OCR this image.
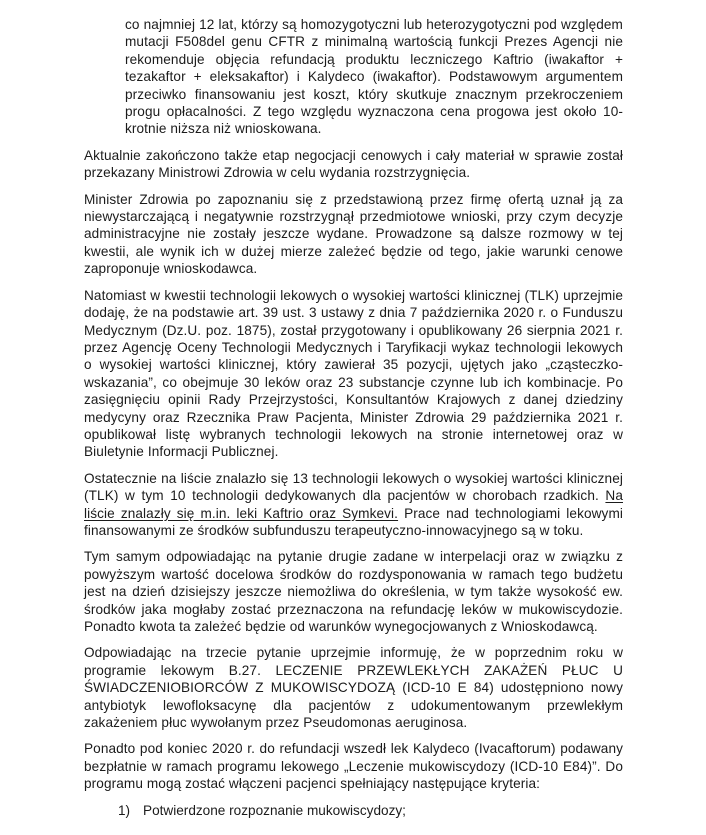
co najmniej 12 lat, którzy są homozygotyczni lub heterozygotyczni pod względem mutacji F508del genu CFTR z minimalną wartością funkcji Prezes Agencji nie rekomenduje objęcia refundacją produktu leczniczego Kaftrio (iwakaftor + tezakaftor + eleksakaftor) i Kalydeco (iwakaftor). Podstawowym argumentem przeciwko finansowaniu jest koszt, który skutkuje znacznym przekroczeniem progu opłacalności. Z tego względu wyznaczona cena progowa jest około 10-krotnie niższa niż wnioskowana.

Aktualnie zakończono także etap negocjacji cenowych i cały materiał w sprawie został przekazany Ministrowi Zdrowia w celu wydania rozstrzygnięcia.

Minister Zdrowia po zapoznaniu się z przedstawioną przez firmę ofertą uznał ją za niewystarczającą i negatywnie rozstrzygnął przedmiotowe wnioski, przy czym decyzje administracyjne nie zostały jeszcze wydane. Prowadzone są dalsze rozmowy w tej kwestii, ale wynik ich w dużej mierze zależeć będzie od tego, jakie warunki cenowe zaproponuje wnioskodawca.

Natomiast w kwestii technologii lekowych o wysokiej wartości klinicznej (TLK) uprzejmie dodaję, że na podstawie art. 39 ust. 3 ustawy z dnia 7 października 2020 r. o Funduszu Medycznym (Dz.U. poz. 1875), został przygotowany i opublikowany 26 sierpnia 2021 r. przez Agencję Oceny Technologii Medycznych i Taryfikacji wykaz technologii lekowych o wysokiej wartości klinicznej, który zawierał 35 pozycji, ujętych jako „cząsteczko-wskazania”, co obejmuje 30 leków oraz 23 substancje czynne lub ich kombinacje. Po zasięgnięciu opinii Rady Przejrzystości, Konsultantów Krajowych z danej dziedziny medycyny oraz Rzecznika Praw Pacjenta, Minister Zdrowia 29 października 2021 r. opublikował listę wybranych technologii lekowych na stronie internetowej oraz w Biuletynie Informacji Publicznej.

Ostatecznie na liście znalazło się 13 technologii lekowych o wysokiej wartości klinicznej (TLK) w tym 10 technologii dedykowanych dla pacjentów w chorobach rzadkich. Na liście znalazły się m.in. leki Kaftrio oraz Symkevi. Prace nad technologiami lekowymi finansowanymi ze środków subfunduszu terapeutyczno-innowacyjnego są w toku.

Tym samym odpowiadając na pytanie drugie zadane w interpelacji oraz w związku z powyższym wartość docelowa środków do rozdysponowania w ramach tego budżetu jest na dzień dzisiejszy jeszcze niemożliwa do określenia, w tym także wysokość ew. środków jaka mogłaby zostać przeznaczona na refundację leków w mukowiscydozie. Ponadto kwota ta zależeć będzie od warunków wynegocjowanych z Wnioskodawcą.

Odpowiadając na trzecie pytanie uprzejmie informuję, że w poprzednim roku w programie lekowym B.27. LECZENIE PRZEWLEKŁYCH ZAKAŻEŃ PŁUC U ŚWIADCZENIOBIORCÓW Z MUKOWISCYDOZĄ (ICD-10 E 84) udostępniono nowy antybiotyk lewofloksacynę dla pacjentów z udokumentowanym przewlekłym zakażeniem płuc wywołanym przez Pseudomonas aeruginosa.

Ponadto pod koniec 2020 r. do refundacji wszedł lek Kalydeco (Ivacaftorum) podawany bezpłatnie w ramach programu lekowego „Leczenie mukowiscydozy (ICD-10 E84)”. Do programu mogą zostać włączeni pacjenci spełniający następujące kryteria:

1) Potwierdzone rozpoznanie mukowiscydozy;
